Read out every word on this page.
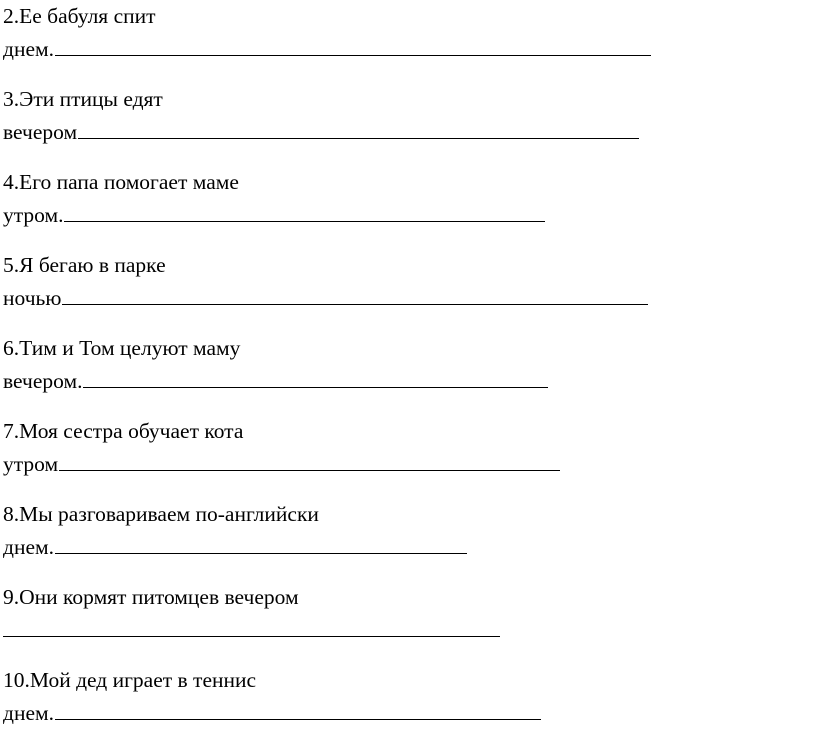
2.Ее бабуля спит
днем.
3.Эти птицы едят
вечером
4.Его папа помогает маме
утром.
5.Я бегаю в парке
ночью
6.Тим и Том целуют маму
вечером.
7.Моя сестра обучает кота
утром
8.Мы разговариваем по-английски
днем.
9.Они кормят питомцев вечером
10.Мой дед играет в теннис
днем.
